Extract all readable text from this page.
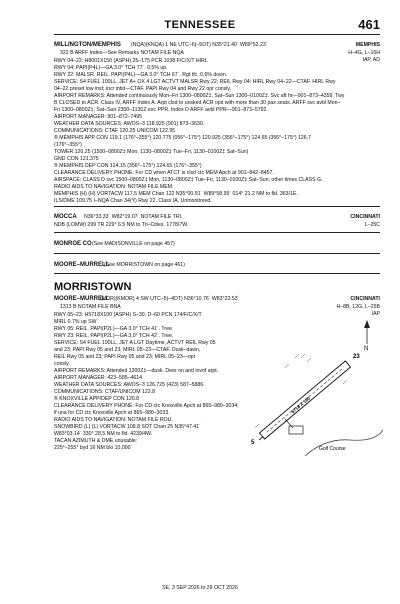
TENNESSEE	461
MILLINGTON/MEMPHIS (NQA)(KNQA) 1 NE UTC–6(–5DT) N35°21.40´ W89°52.23´
322 B ARFF Index—See Remarks NOTAM FILE NQA
MEMPHIS
H–4G, L–16H
IAP, AD
RWY 04–22: H8001X150 (ASPH) 25–175 PCR 1038 F/C/X/T HIRL
RWY 04: PAPI(P4L)—GA 3.0° TCH 77´. 0.5% up.
RWY 22: MALSR. REIL. PAPI(P4L)—GA 3.0° TCH 67´. Rgt tfc. 0.6% down.
SERVICE: S4 FUEL 100LL, JET A+ OX 4 LGT ACTVT MALSR Rwy 22; REIL Rwy 04; HIRL Rwy 04–22—CTAF. HIRL Rwy
04–22 preset low inst; incr intst—CTAF. PAPI Rwy 04 and Rwy 22 opr consly.
AIRPORT REMARKS: Attended continuously Mon–Fri 1300–0800Z‡, Sat–Sun 1300–0100Z‡. Svc aft hr—901–873–4359. Twy
B CLOSED to ACR. Class IV, ARFF Index A. Arpt clsd to unsked ACR ops with more than 30 pax seats. ARFF svc avbl Mon–
Fri 1300–0800Z‡, Sat–Sun 2300–1130Z exc PPR. Index D ARFF avbl PPR—901–873–5792.
AIRPORT MANAGER: 901–872–7495
WEATHER DATA SOURCES: AWOS–3 118.925 (901) 873–3630.
COMMUNICATIONS: CTAF 120.25 UNICOM 122.95
® MEMPHIS APP CON 119.1 (176°–355°) 120.775 (056°–175°) 120.925 (356°–175°) 124.65 (356°–175°) 126.7
(176°–355°)
TOWER 120.25 (1500–0800Z‡ Mon, 1130–0800Z‡ Tue–Fri, 1130–0100Z‡ Sat–Sun)
GND CON 121.375
® MEMPHIS DEP CON 124.15 (356°–175°) 124.65 (176°–355°)
CLEARANCE DELIVERY PHONE: For CD when ATCT is clsd ctc MEM Apch at 901–842–8457.
AIRSPACE: CLASS D svc 1500–0800Z‡ Mon, 1130–0800Z‡ Tue–Fri, 1130–0100Z‡ Sat–Sun; other times CLASS G.
RADIO AIDS TO NAVIGATION: NOTAM FILE MEM.
MEMPHIS (H) (H) VORTACW 117.5 MEM Chan 122 N35°00.91´ W89°58.99´ 014° 21.2 NM to fld. 363/1E.
ILS/DME 109.75 I–NQA Chan 34(Y) Rwy 22. Class IA. Unmonitored.
MOCCA N36°33.33´ W82°19.07´ NOTAM FILE TRI.
NDB (LOMW) 299 TR 229° 6.5 NM to Tri–Cities. 1778/7W.
CINCINNATI
L–25C
MONROE CO (See MADISONVILLE on page 457)
MOORE–MURRELL
(See MORRISTOWN on page 461)
MORRISTOWN
MOORE–MURRELL
(MOR)(KMOR) 4 SW UTC–5(–4DT) N36°10.76´ W83°22.53´
1313 B NOTAM FILE BNA
CINCINNATI
H–8B, 12G, L–25B
IAP
RWY 05–23: H5718X100 (ASPH) S–30, D–60 PCN 174/F/C/X/T
MIRL 0.7% up SW
RWY 05: REIL. PAPI(P2L)—GA 3.0° TCH 41´. Tree.
RWY 23: REIL. PAPI(P2L)—GA 3.0° TCH 42´. Tree.
SERVICE: S4 FUEL 100LL, JET A LGT Daytime, ACTVT REIL Rwy 05
and 23; PAPI Rwy 05 and 23; MIRL 05–23—CTAF. Dusk–dawn,
REIL Rwy 05 and 23; PAPI Rwy 05 and 23; MIRL 05–23—opr
consly.
AIRPORT REMARKS: Attended 1300Z‡—dusk. Deer on and invof arpt.
AIRPORT MANAGER: 423–585–4614
WEATHER DATA SOURCES: AWOS–3 126.725 (423) 587–5886.
COMMUNICATIONS: CTAF/UNICOM 122.8
® KNOXVILLE APP/DEP CON 120.8
CLEARANCE DELIVERY PHONE: For CD ctc Knoxville Apch at 865–980–3034;
if una for CD ctc Knoxville Apch at 865–980–3033.
RADIO AIDS TO NAVIGATION: NOTAM FILE ROU.
SNOWBIRD (L) (L) VORTACW 108.8 SOT Chan 25 N35°47.41´
W83°03.14´ 330° 28.5 NM to fld. 4239/4W.
TACAN AZIMUTH & DME unusable:
225°–255° byd 16 NM blo 10,000´
N
5718 X 100
5
23
Golf Course
SE, 3 SEP 2026 to 29 OCT 2026
